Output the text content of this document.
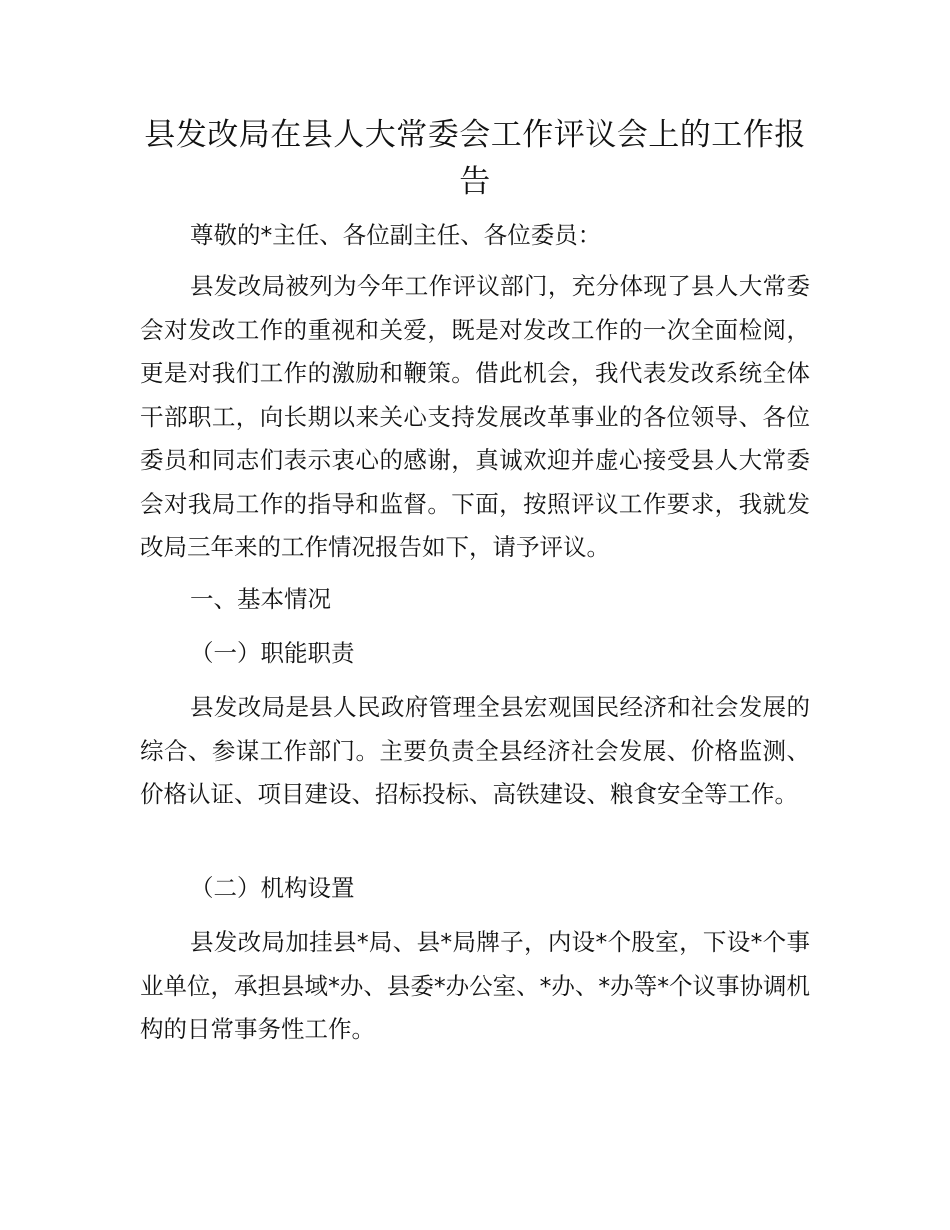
县发改局在县人大常委会工作评议会上的工作报告
尊敬的*主任、各位副主任、各位委员：
县发改局被列为今年工作评议部门，充分体现了县人大常委会对发改工作的重视和关爱，既是对发改工作的一次全面检阅，更是对我们工作的激励和鞭策。借此机会，我代表发改系统全体干部职工，向长期以来关心支持发展改革事业的各位领导、各位委员和同志们表示衷心的感谢，真诚欢迎并虚心接受县人大常委会对我局工作的指导和监督。下面，按照评议工作要求，我就发改局三年来的工作情况报告如下，请予评议。
一、基本情况
（一）职能职责
县发改局是县人民政府管理全县宏观国民经济和社会发展的综合、参谋工作部门。主要负责全县经济社会发展、价格监测、价格认证、项目建设、招标投标、高铁建设、粮食安全等工作。
（二）机构设置
县发改局加挂县*局、县*局牌子，内设*个股室，下设*个事业单位，承担县域*办、县委*办公室、*办、*办等*个议事协调机构的日常事务性工作。
